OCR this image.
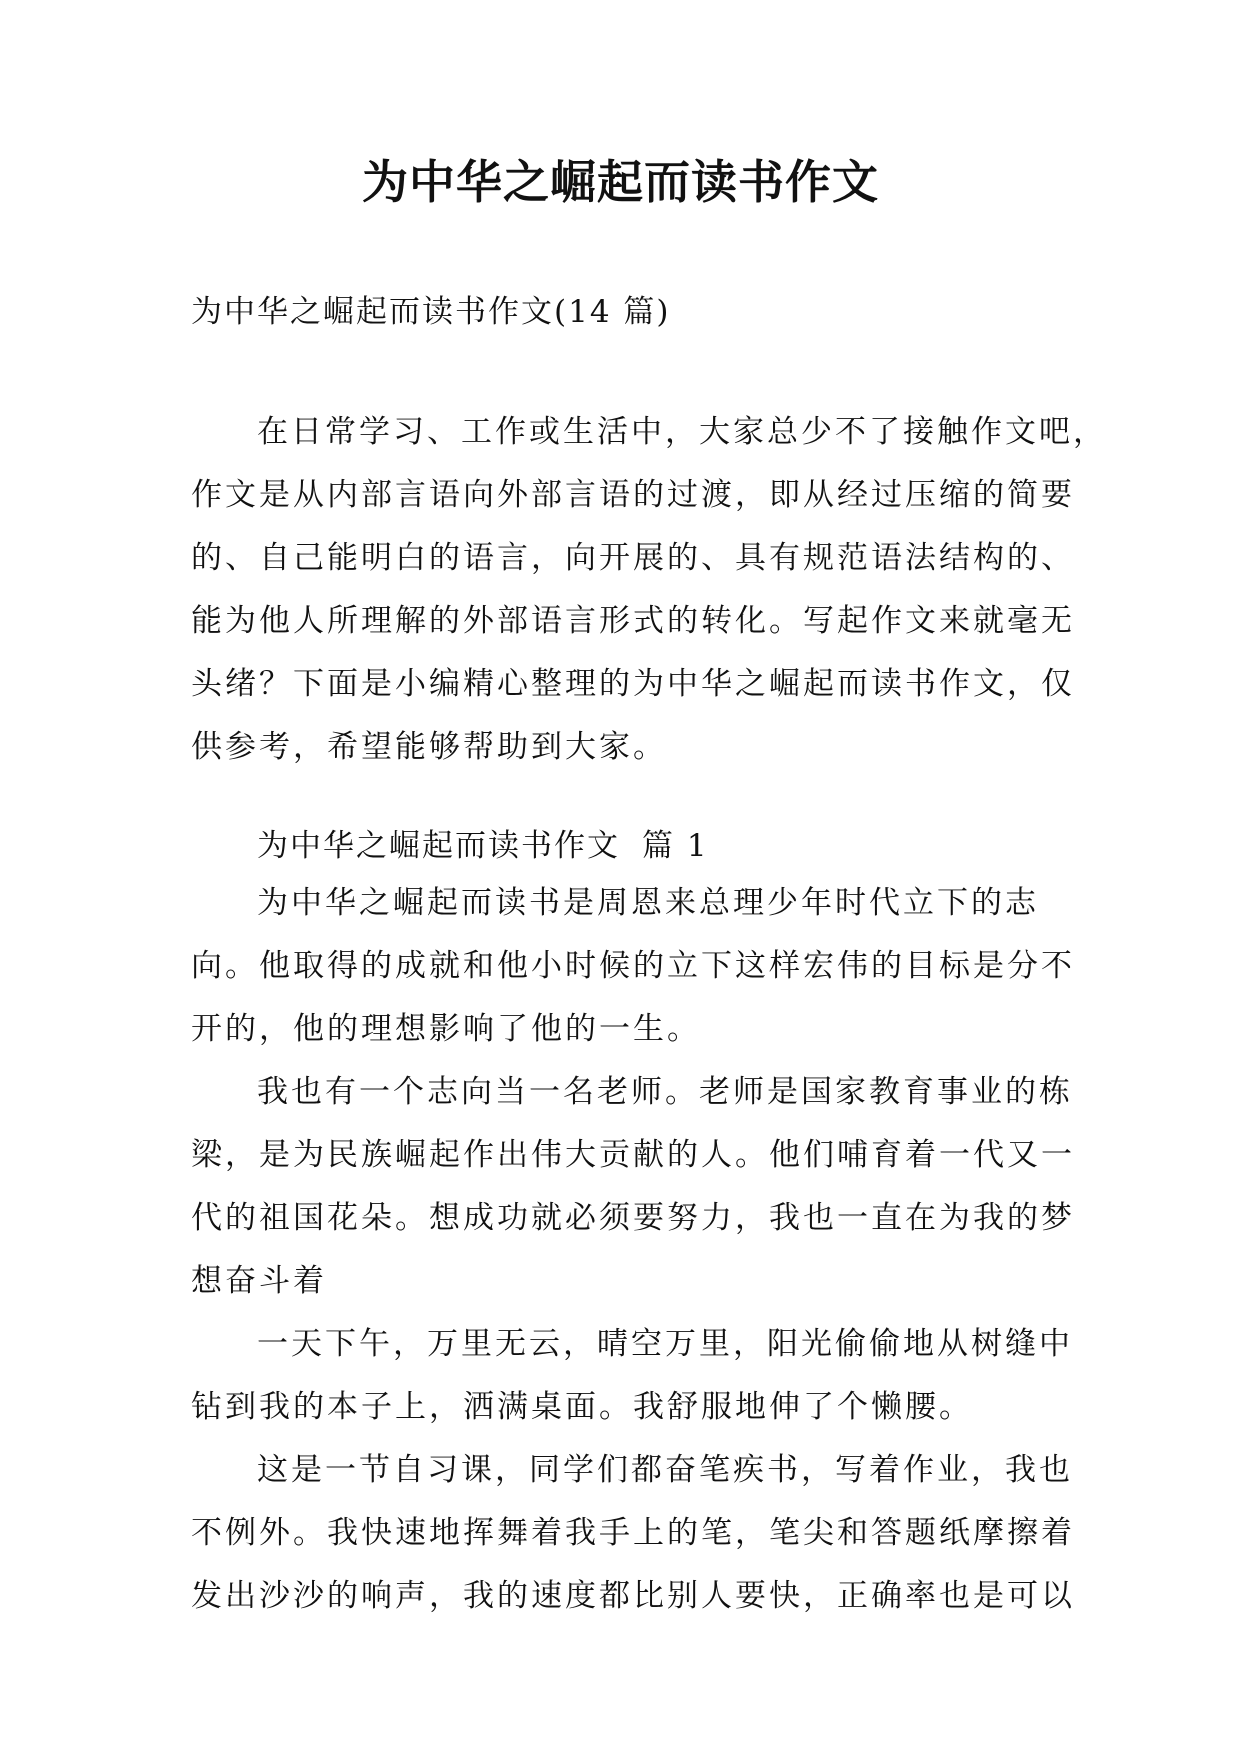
为中华之崛起而读书作文
为中华之崛起而读书作文(14 篇)
在日常学习、工作或生活中，大家总少不了接触作文吧，
作文是从内部言语向外部言语的过渡，即从经过压缩的简要
的、自己能明白的语言，向开展的、具有规范语法结构的、
能为他人所理解的外部语言形式的转化。写起作文来就毫无
头绪？下面是小编精心整理的为中华之崛起而读书作文，仅
供参考，希望能够帮助到大家。
为中华之崛起而读书作文 篇 1
为中华之崛起而读书是周恩来总理少年时代立下的志
向。他取得的成就和他小时候的立下这样宏伟的目标是分不
开的，他的理想影响了他的一生。
我也有一个志向当一名老师。老师是国家教育事业的栋
梁，是为民族崛起作出伟大贡献的人。他们哺育着一代又一
代的祖国花朵。想成功就必须要努力，我也一直在为我的梦
想奋斗着
一天下午，万里无云，晴空万里，阳光偷偷地从树缝中
钻到我的本子上，洒满桌面。我舒服地伸了个懒腰。
这是一节自习课，同学们都奋笔疾书，写着作业，我也
不例外。我快速地挥舞着我手上的笔，笔尖和答题纸摩擦着
发出沙沙的响声，我的速度都比别人要快，正确率也是可以
